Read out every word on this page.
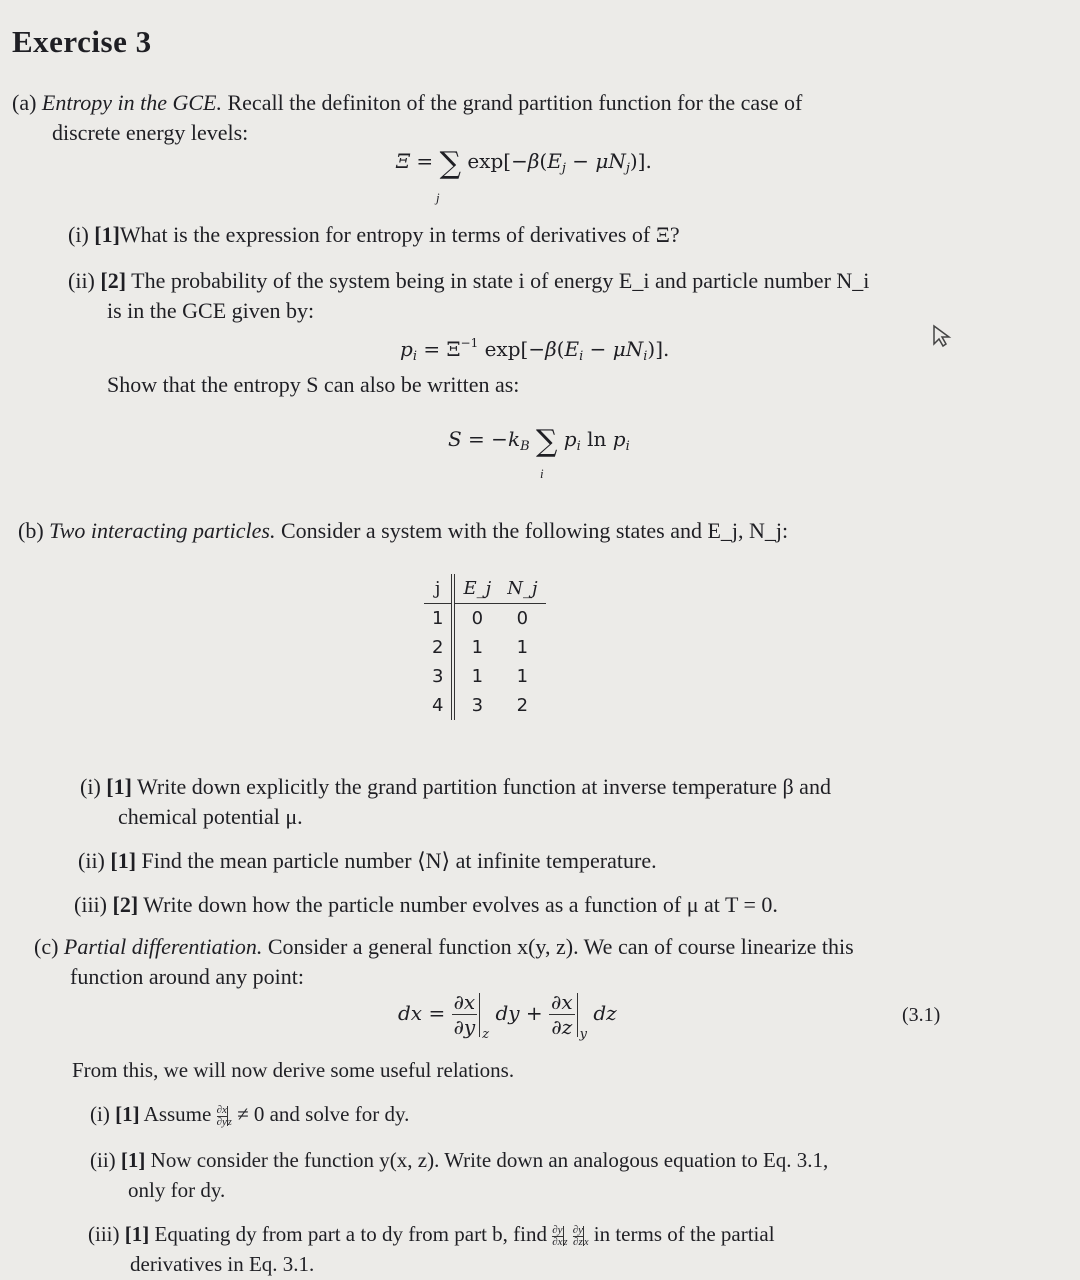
Exercise 3
(a) Entropy in the GCE. Recall the definiton of the grand partition function for the case of
discrete energy levels:
Ξ = ∑ $\exp[-\beta(E_j - \mu N_j)]$.
j
(i) [1]What is the expression for entropy in terms of derivatives of Ξ?
(ii) [2] The probability of the system being in state i of energy E_i and particle number N_i
is in the GCE given by:
$p_i = \Xi^{-1}$ $\exp[-\beta(E_i - \mu N_i)]$.
Show that the entropy S can also be written as:
$S = -k_B$ ∑ $p_i$ $\ln p_i$
i
(b) Two interacting particles. Consider a system with the following states and E_j, N_j:
j	E_j	N_j
1	0	0
2	1	1
3	1	1
4	3	2
(i) [1] Write down explicitly the grand partition function at inverse temperature β and
chemical potential μ.
(ii) [1] Find the mean particle number ⟨N⟩ at infinite temperature.
(iii) [2] Write down how the particle number evolves as a function of μ at T = 0.
(c) Partial differentiation. Consider a general function x(y, z). We can of course linearize this
function around any point:
dx = $\frac{\partial x}{\partial y} _z$ dy + $\frac{\partial x}{\partial z} _y$ dz	(3.1)
From this, we will now derive some useful relations.
(i) [1] Assume $\frac{\partial x}{\partial y}_z \ne 0$ and solve for dy.
(ii) [1] Now consider the function y(x, z). Write down an analogous equation to Eq. 3.1,
only for dy.
(iii) [1] Equating dy from part a to dy from part b, find $\frac{\partial y}{\partial x}_z \frac{\partial y}{\partial z}_x$ in terms of the partial
derivatives in Eq. 3.1.
